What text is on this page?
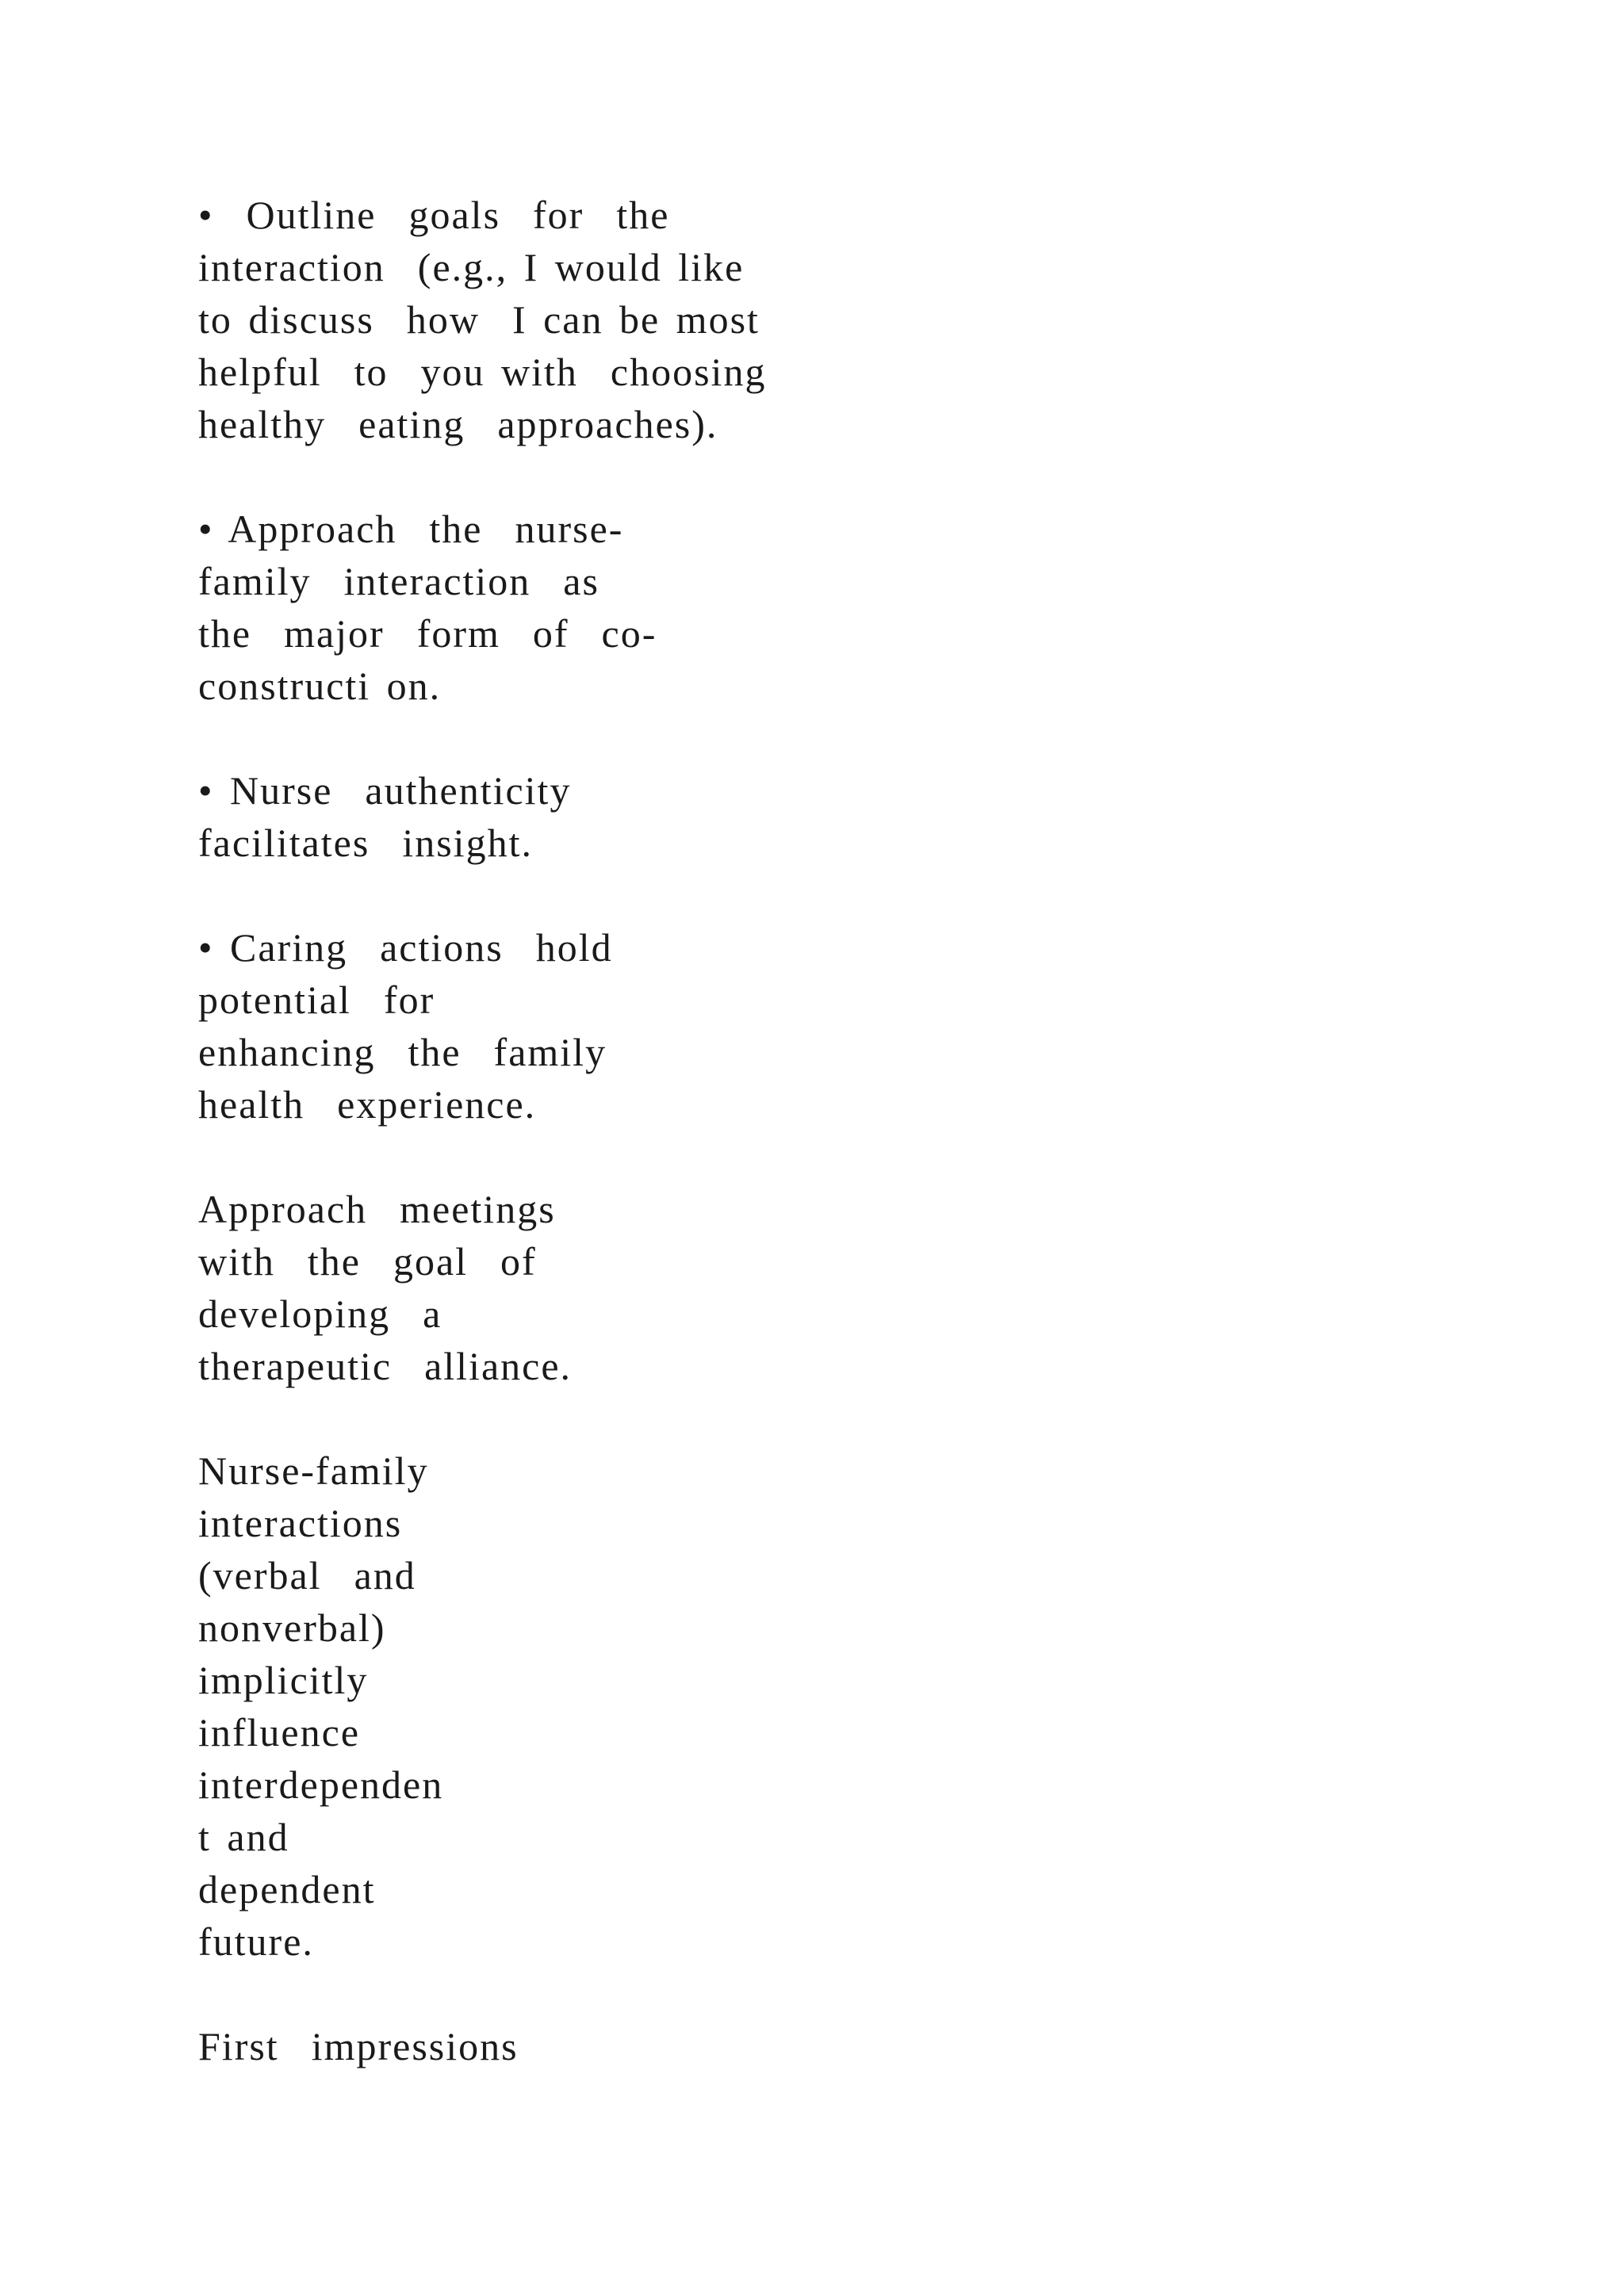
•  Outline  goals  for  the
interaction  (e.g., I would like
to discuss  how  I can be most
helpful  to  you with  choosing
healthy  eating  approaches).

• Approach  the  nurse-
family  interaction  as
the  major  form  of  co-
constructi on.

• Nurse  authenticity
facilitates  insight.

• Caring  actions  hold
potential  for
enhancing  the  family
health  experience.

Approach  meetings
with  the  goal  of
developing  a
therapeutic  alliance.

Nurse-family
interactions
(verbal  and
nonverbal)
implicitly
influence
interdependen
t and
dependent
future.

First  impressions
